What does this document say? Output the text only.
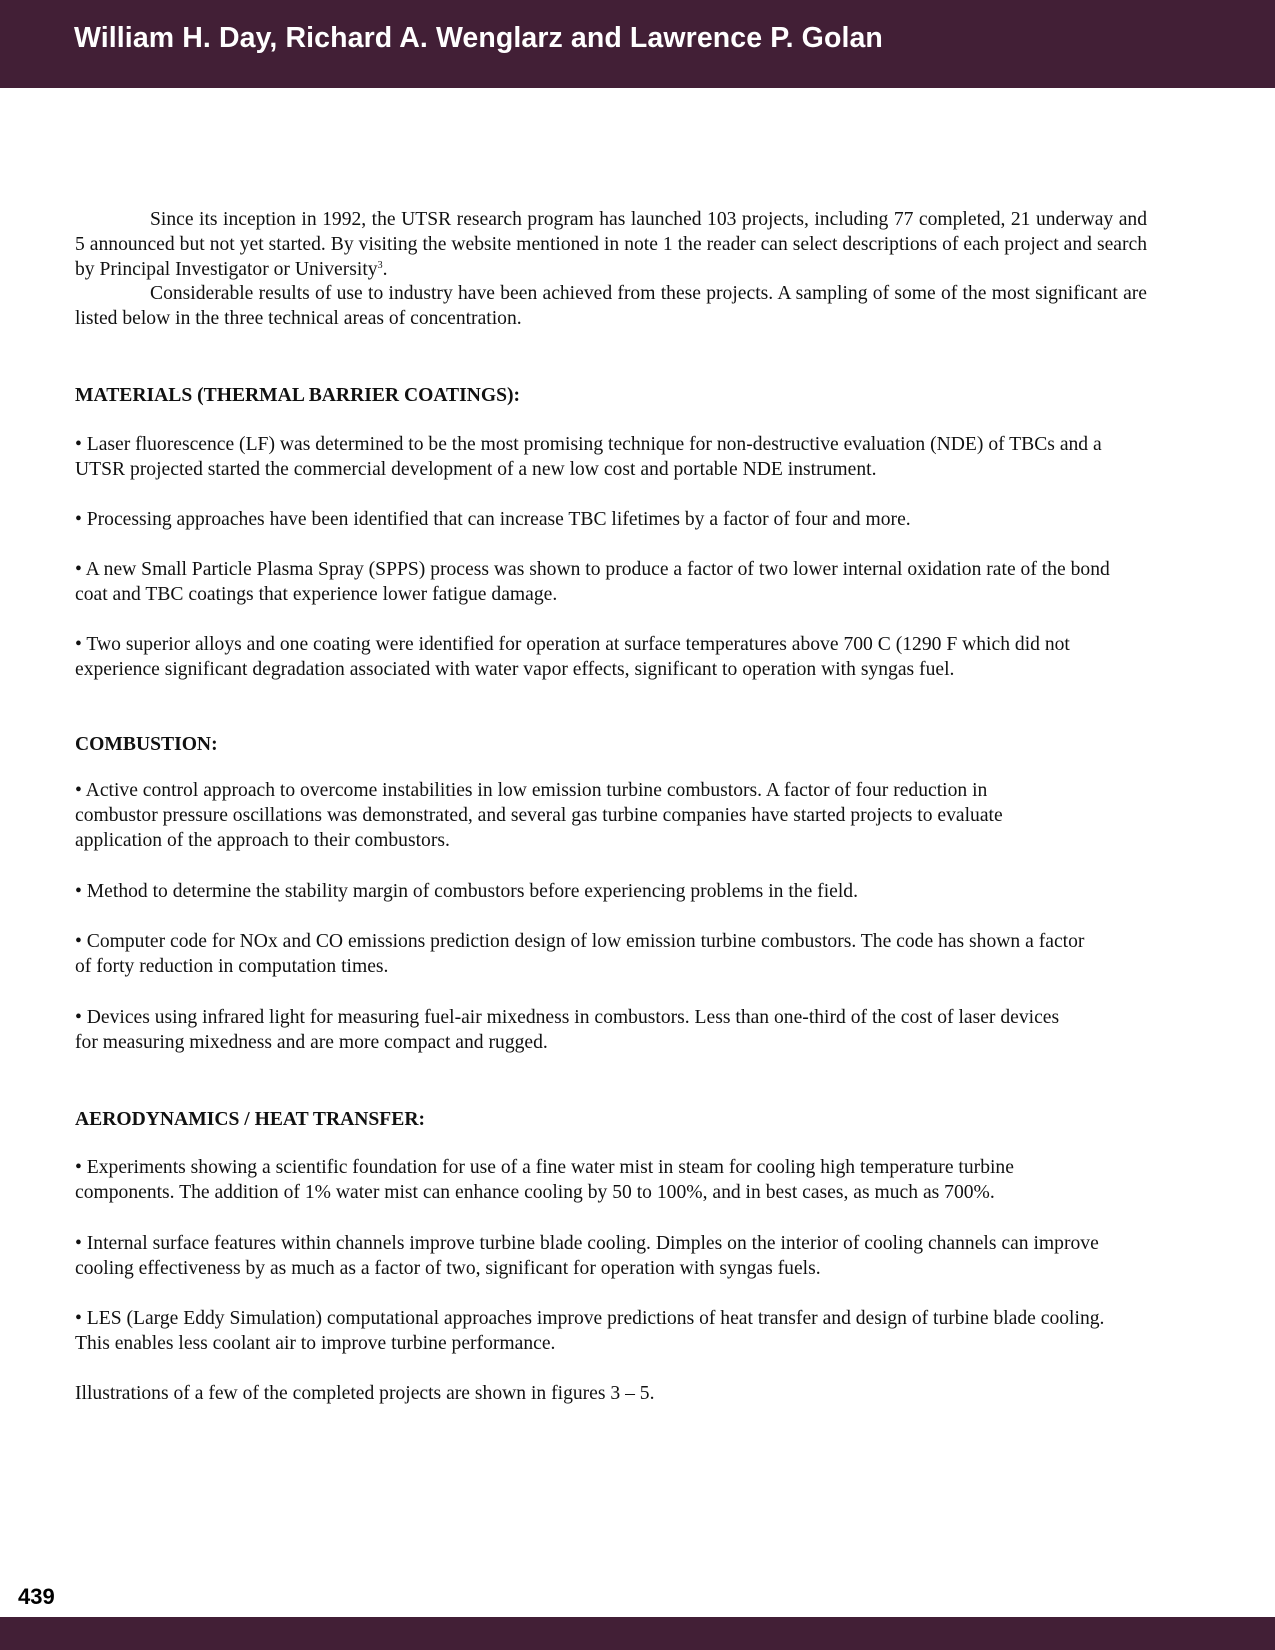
William H. Day, Richard A. Wenglarz and Lawrence P. Golan
Since its inception in 1992, the UTSR research program has launched 103 projects, including 77 completed, 21 underway and 5 announced but not yet started. By visiting the website mentioned in note 1 the reader can select descriptions of each project and search by Principal Investigator or University$^3$.
Considerable results of use to industry have been achieved from these projects. A sampling of some of the most significant are listed below in the three technical areas of concentration.
MATERIALS (THERMAL BARRIER COATINGS):
• Laser fluorescence (LF) was determined to be the most promising technique for non-destructive evaluation (NDE) of TBCs and a UTSR projected started the commercial development of a new low cost and portable NDE instrument.
• Processing approaches have been identified that can increase TBC lifetimes by a factor of four and more.
• A new Small Particle Plasma Spray (SPPS) process was shown to produce a factor of two lower internal oxidation rate of the bond coat and TBC coatings that experience lower fatigue damage.
• Two superior alloys and one coating were identified for operation at surface temperatures above 700 C (1290 F which did not experience significant degradation associated with water vapor effects, significant to operation with syngas fuel.
COMBUSTION:
• Active control approach to overcome instabilities in low emission turbine combustors. A factor of four reduction in combustor pressure oscillations was demonstrated, and several gas turbine companies have started projects to evaluate application of the approach to their combustors.
• Method to determine the stability margin of combustors before experiencing problems in the field.
• Computer code for NOx and CO emissions prediction design of low emission turbine combustors. The code has shown a factor of forty reduction in computation times.
• Devices using infrared light for measuring fuel-air mixedness in combustors. Less than one-third of the cost of laser devices for measuring mixedness and are more compact and rugged.
AERODYNAMICS / HEAT TRANSFER:
• Experiments showing a scientific foundation for use of a fine water mist in steam for cooling high temperature turbine components. The addition of 1% water mist can enhance cooling by 50 to 100%, and in best cases, as much as 700%.
• Internal surface features within channels improve turbine blade cooling. Dimples on the interior of cooling channels can improve cooling effectiveness by as much as a factor of two, significant for operation with syngas fuels.
• LES (Large Eddy Simulation) computational approaches improve predictions of heat transfer and design of turbine blade cooling. This enables less coolant air to improve turbine performance.
Illustrations of a few of the completed projects are shown in figures 3 – 5.
439
